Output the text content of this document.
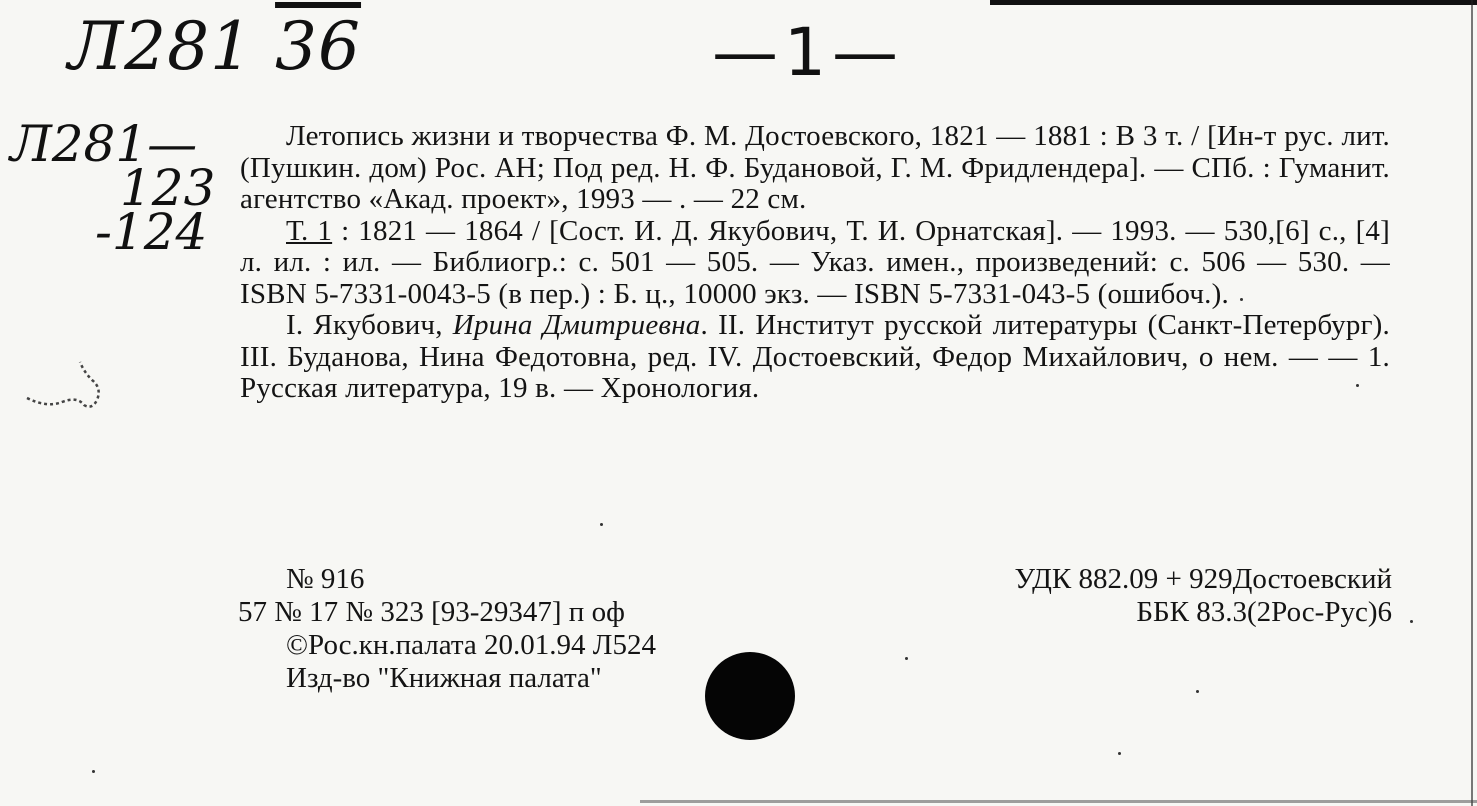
Л281 36
Л281—
123
-124
—1—

Летопись жизни и творчества Ф. М. Достоевского, 1821 — 1881 : В 3 т. / [Ин-т рус. лит. (Пушкин. дом) Рос. АН; Под ред. Н. Ф. Будановой, Г. М. Фридлендера]. — СПб. : Гуманит. агентство «Акад. проект», 1993 — . — 22 см.

Т. 1 : 1821 — 1864 / [Сост. И. Д. Якубович, Т. И. Орнатская]. — 1993. — 530,[6] с., [4] л. ил. : ил. — Библиогр.: с. 501 — 505. — Указ. имен., произведений: с. 506 — 530. — ISBN 5-7331-0043-5 (в пер.) : Б. ц., 10000 экз. — ISBN 5-7331-043-5 (ошибоч.).

I. Якубович, Ирина Дмитриевна. II. Институт русской литературы (Санкт-Петербург). III. Буданова, Нина Федотовна, ред. IV. Достоевский, Федор Михайлович, о нем. — — 1. Русская литература, 19 в. — Хронология.

№ 916
57 № 17 № 323 [93-29347] п оф
©Рос.кн.палата 20.01.94 Л524
Изд-во "Книжная палата"
УДК 882.09 + 929Достоевский
ББК 83.3(2Рос-Рус)6
